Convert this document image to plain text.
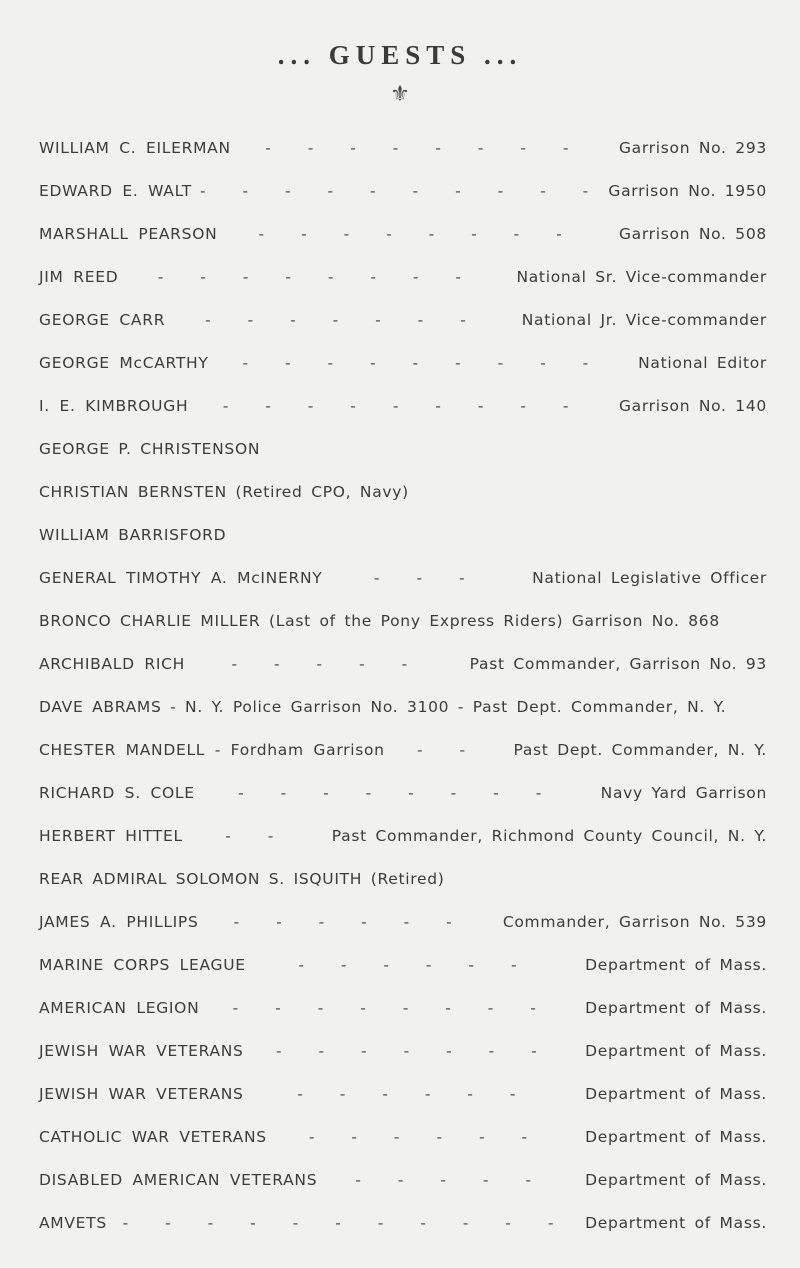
... GUESTS ...
⚜
WILLIAM C. EILERMAN	- - - - - - - -	Garrison No. 293
EDWARD E. WALT - - - - - - - - - - Garrison No. 1950
MARSHALL PEARSON	- - - - - - - -	Garrison No. 508
JIM REED	- - - - - - - -	National Sr. Vice-commander
GEORGE CARR	- - - - - - -	National Jr. Vice-commander
GEORGE McCARTHY	- - - - - - - - -	National Editor
I. E. KIMBROUGH	- - - - - - - - -	Garrison No. 140
GEORGE P. CHRISTENSON
CHRISTIAN BERNSTEN (Retired CPO, Navy)
WILLIAM BARRISFORD
GENERAL TIMOTHY A. McINERNY	- - -	National Legislative Officer
BRONCO CHARLIE MILLER (Last of the Pony Express Riders) Garrison No. 868
ARCHIBALD RICH	- - - - -	Past Commander, Garrison No. 93
DAVE ABRAMS - N. Y. Police Garrison No. 3100 - Past Dept. Commander, N. Y.
CHESTER MANDELL - Fordham Garrison	- -	Past Dept. Commander, N. Y.
RICHARD S. COLE	- - - - - - - -	Navy Yard Garrison
HERBERT HITTEL	- -	Past Commander, Richmond County Council, N. Y.
REAR ADMIRAL SOLOMON S. ISQUITH (Retired)
JAMES A. PHILLIPS	- - - - - -	Commander, Garrison No. 539
MARINE CORPS LEAGUE	- - - - - -	Department of Mass.
AMERICAN LEGION	- - - - - - - -	Department of Mass.
JEWISH WAR VETERANS	- - - - - - -	Department of Mass.
JEWISH WAR VETERANS	- - - - - -	Department of Mass.
CATHOLIC WAR VETERANS	- - - - - -	Department of Mass.
DISABLED AMERICAN VETERANS	- - - - -	Department of Mass.
AMVETS	- - - - - - - - - - -	Department of Mass.
